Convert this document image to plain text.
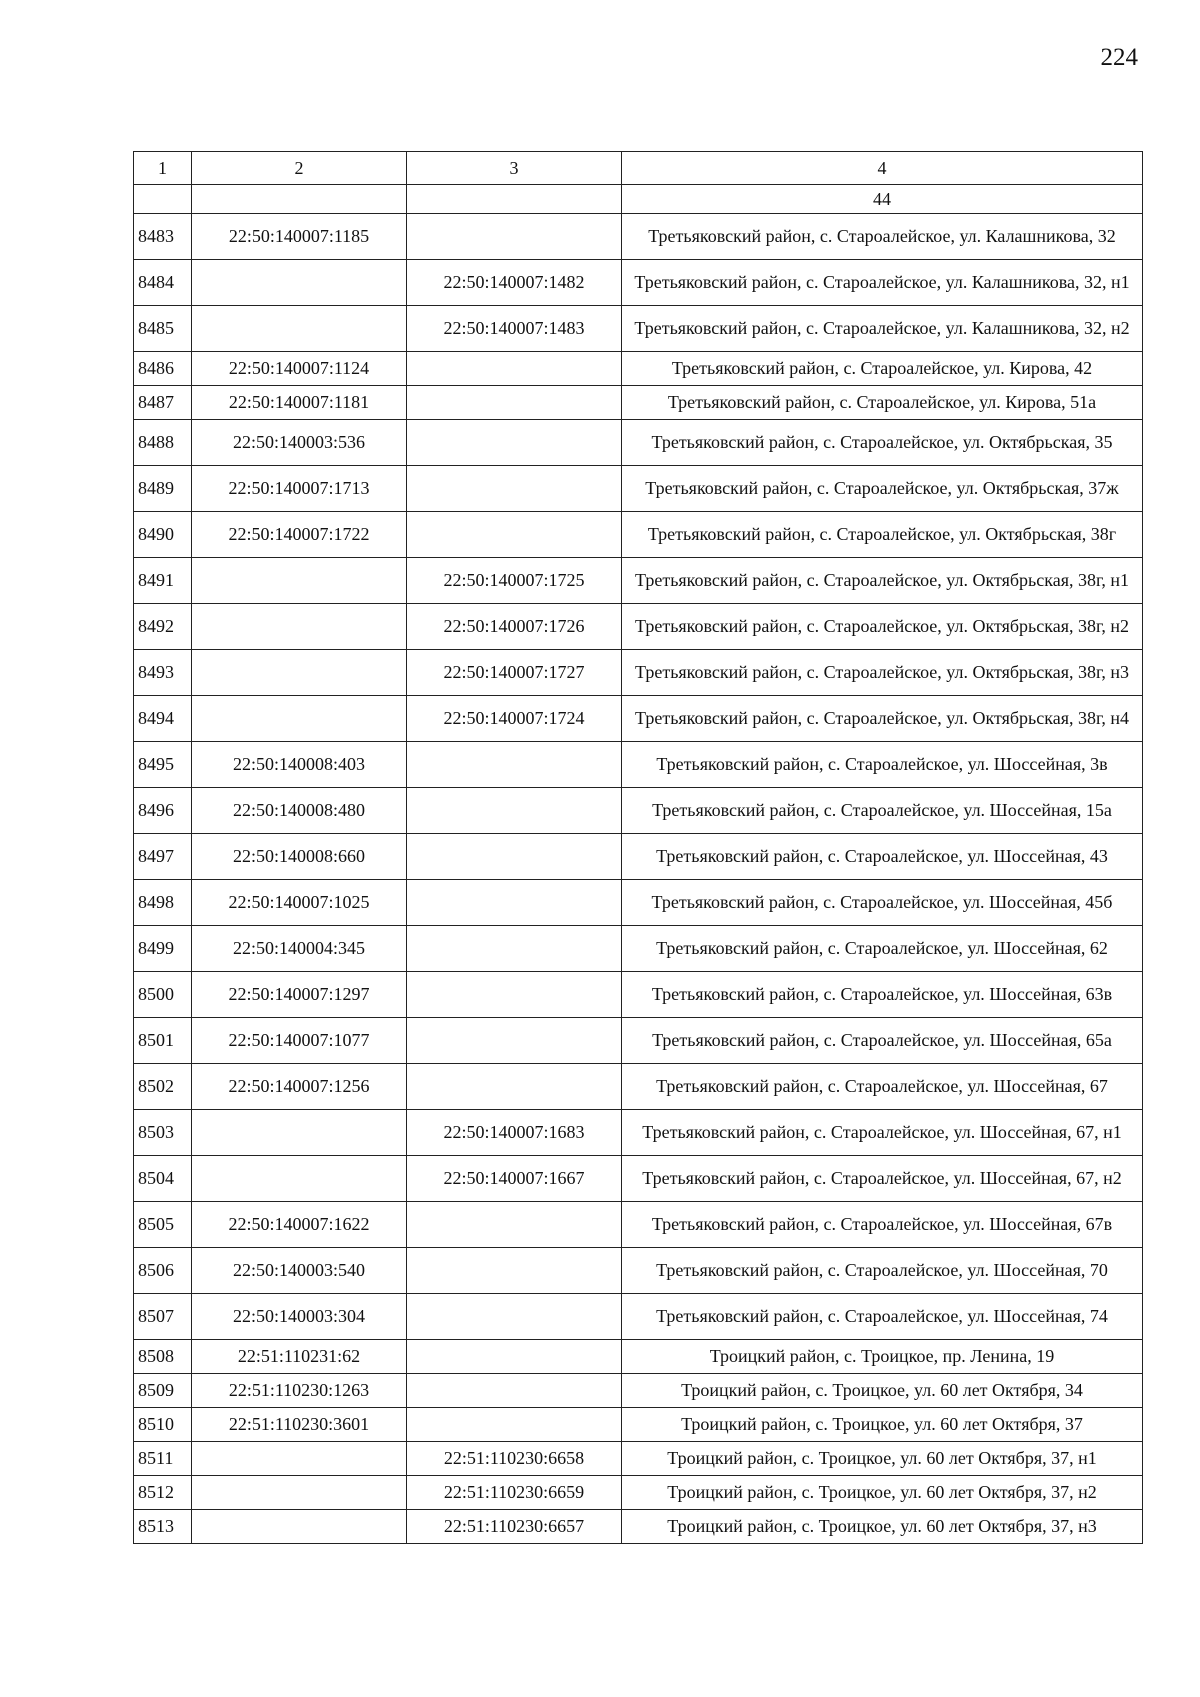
224
1	2	3	4
			44
8483	22:50:140007:1185		Третьяковский район, с. Староалейское, ул. Калашникова, 32
8484		22:50:140007:1482	Третьяковский район, с. Староалейское, ул. Калашникова, 32, н1
8485		22:50:140007:1483	Третьяковский район, с. Староалейское, ул. Калашникова, 32, н2
8486	22:50:140007:1124		Третьяковский район, с. Староалейское, ул. Кирова, 42
8487	22:50:140007:1181		Третьяковский район, с. Староалейское, ул. Кирова, 51а
8488	22:50:140003:536		Третьяковский район, с. Староалейское, ул. Октябрьская, 35
8489	22:50:140007:1713		Третьяковский район, с. Староалейское, ул. Октябрьская, 37ж
8490	22:50:140007:1722		Третьяковский район, с. Староалейское, ул. Октябрьская, 38г
8491		22:50:140007:1725	Третьяковский район, с. Староалейское, ул. Октябрьская, 38г, н1
8492		22:50:140007:1726	Третьяковский район, с. Староалейское, ул. Октябрьская, 38г, н2
8493		22:50:140007:1727	Третьяковский район, с. Староалейское, ул. Октябрьская, 38г, н3
8494		22:50:140007:1724	Третьяковский район, с. Староалейское, ул. Октябрьская, 38г, н4
8495	22:50:140008:403		Третьяковский район, с. Староалейское, ул. Шоссейная, 3в
8496	22:50:140008:480		Третьяковский район, с. Староалейское, ул. Шоссейная, 15а
8497	22:50:140008:660		Третьяковский район, с. Староалейское, ул. Шоссейная, 43
8498	22:50:140007:1025		Третьяковский район, с. Староалейское, ул. Шоссейная, 45б
8499	22:50:140004:345		Третьяковский район, с. Староалейское, ул. Шоссейная, 62
8500	22:50:140007:1297		Третьяковский район, с. Староалейское, ул. Шоссейная, 63в
8501	22:50:140007:1077		Третьяковский район, с. Староалейское, ул. Шоссейная, 65а
8502	22:50:140007:1256		Третьяковский район, с. Староалейское, ул. Шоссейная, 67
8503		22:50:140007:1683	Третьяковский район, с. Староалейское, ул. Шоссейная, 67, н1
8504		22:50:140007:1667	Третьяковский район, с. Староалейское, ул. Шоссейная, 67, н2
8505	22:50:140007:1622		Третьяковский район, с. Староалейское, ул. Шоссейная, 67в
8506	22:50:140003:540		Третьяковский район, с. Староалейское, ул. Шоссейная, 70
8507	22:50:140003:304		Третьяковский район, с. Староалейское, ул. Шоссейная, 74
8508	22:51:110231:62		Троицкий район, с. Троицкое, пр. Ленина, 19
8509	22:51:110230:1263		Троицкий район, с. Троицкое, ул. 60 лет Октября, 34
8510	22:51:110230:3601		Троицкий район, с. Троицкое, ул. 60 лет Октября, 37
8511		22:51:110230:6658	Троицкий район, с. Троицкое, ул. 60 лет Октября, 37, н1
8512		22:51:110230:6659	Троицкий район, с. Троицкое, ул. 60 лет Октября, 37, н2
8513		22:51:110230:6657	Троицкий район, с. Троицкое, ул. 60 лет Октября, 37, н3
